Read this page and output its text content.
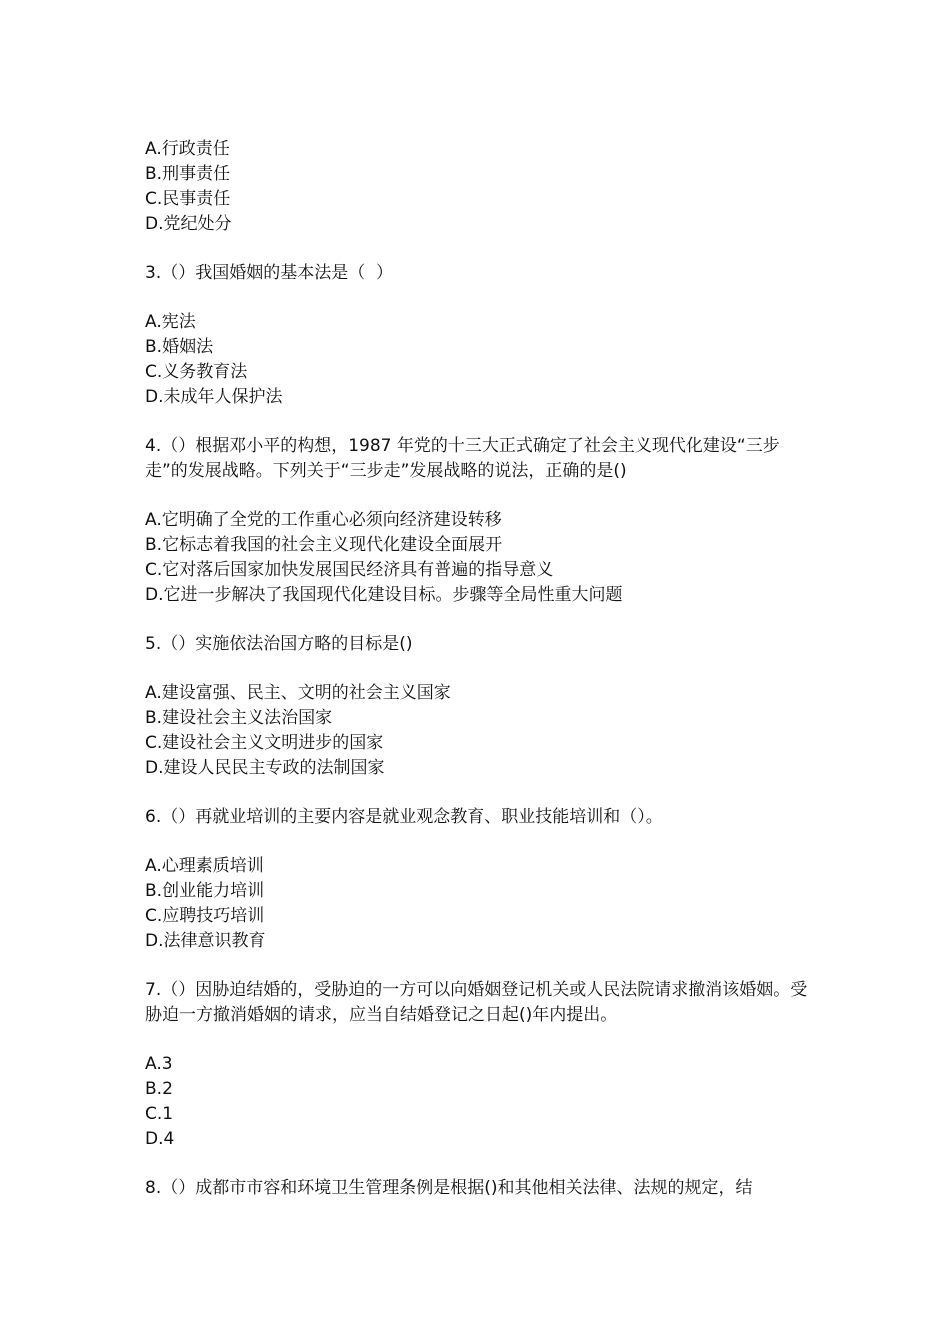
A.行政责任

B.刑事责任

C.民事责任

D.党纪处分

3.（）我国婚姻的基本法是（  ）

A.宪法

B.婚姻法

C.义务教育法

D.未成年人保护法

4.（）根据邓小平的构想，1987 年党的十三大正式确定了社会主义现代化建设“三步走”的发展战略。下列关于“三步走”发展战略的说法，正确的是()

A.它明确了全党的工作重心必须向经济建设转移

B.它标志着我国的社会主义现代化建设全面展开

C.它对落后国家加快发展国民经济具有普遍的指导意义

D.它进一步解决了我国现代化建设目标。步骤等全局性重大问题

5.（）实施依法治国方略的目标是()

A.建设富强、民主、文明的社会主义国家

B.建设社会主义法治国家

C.建设社会主义文明进步的国家

D.建设人民民主专政的法制国家

6.（）再就业培训的主要内容是就业观念教育、职业技能培训和（）。

A.心理素质培训

B.创业能力培训

C.应聘技巧培训

D.法律意识教育

7.（）因胁迫结婚的，受胁迫的一方可以向婚姻登记机关或人民法院请求撤消该婚姻。受胁迫一方撤消婚姻的请求，应当自结婚登记之日起()年内提出。

A.3

B.2

C.1

D.4

8.（）成都市市容和环境卫生管理条例是根据()和其他相关法律、法规的规定，结
